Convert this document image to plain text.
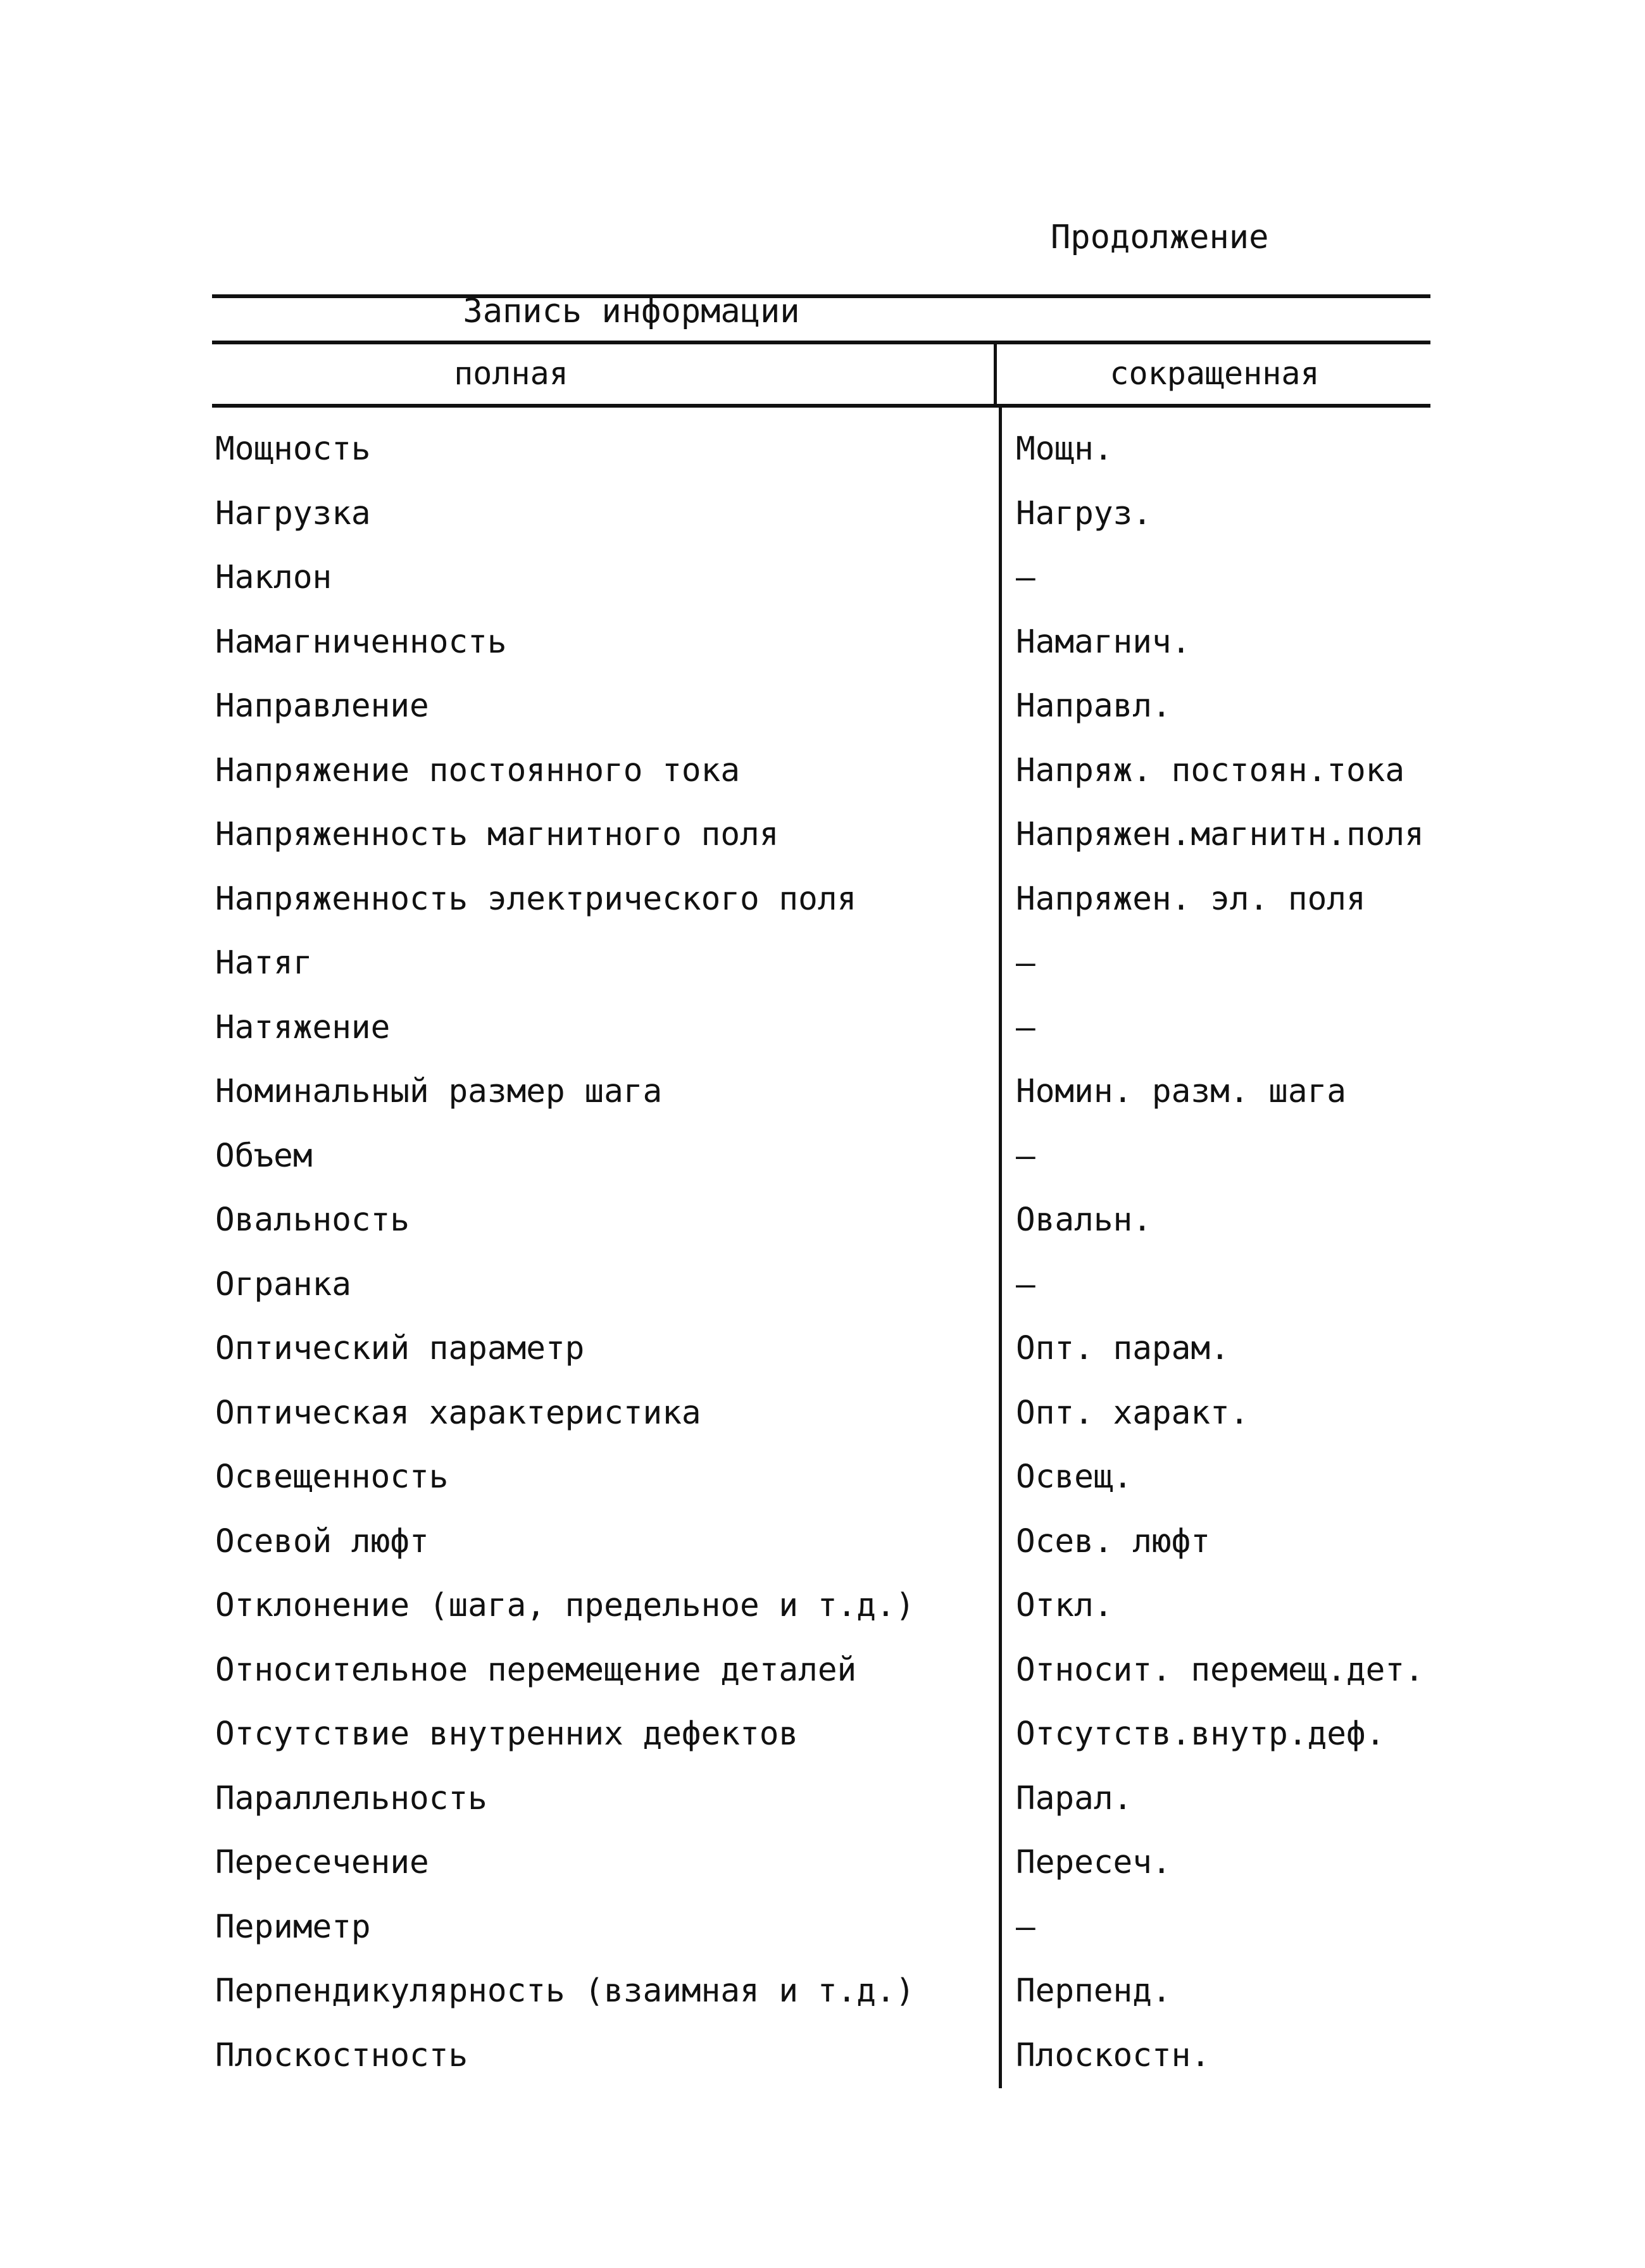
Продолжение
Запись информации
полная	сокращенная
Мощность	Мощн.
Нагрузка	Нагруз.
Наклон	–
Намагниченность	Намагнич.
Направление	Направл.
Напряжение постоянного тока	Напряж. постоян.тока
Напряженность магнитного поля	Напряжен.магнитн.поля
Напряженность электрического поля	Напряжен. эл. поля
Натяг	–
Натяжение	–
Номинальный размер шага	Номин. разм. шага
Объем	–
Овальность	Овальн.
Огранка	–
Оптический параметр	Опт. парам.
Оптическая характеристика	Опт. характ.
Освещенность	Освещ.
Осевой люфт	Осев. люфт
Отклонение (шага, предельное и т.д.)	Откл.
Относительное перемещение деталей	Относит. перемещ.дет.
Отсутствие внутренних дефектов	Отсутств.внутр.деф.
Параллельность	Парал.
Пересечение	Пересеч.
Периметр	–
Перпендикулярность (взаимная и т.д.)	Перпенд.
Плоскостность	Плоскостн.
